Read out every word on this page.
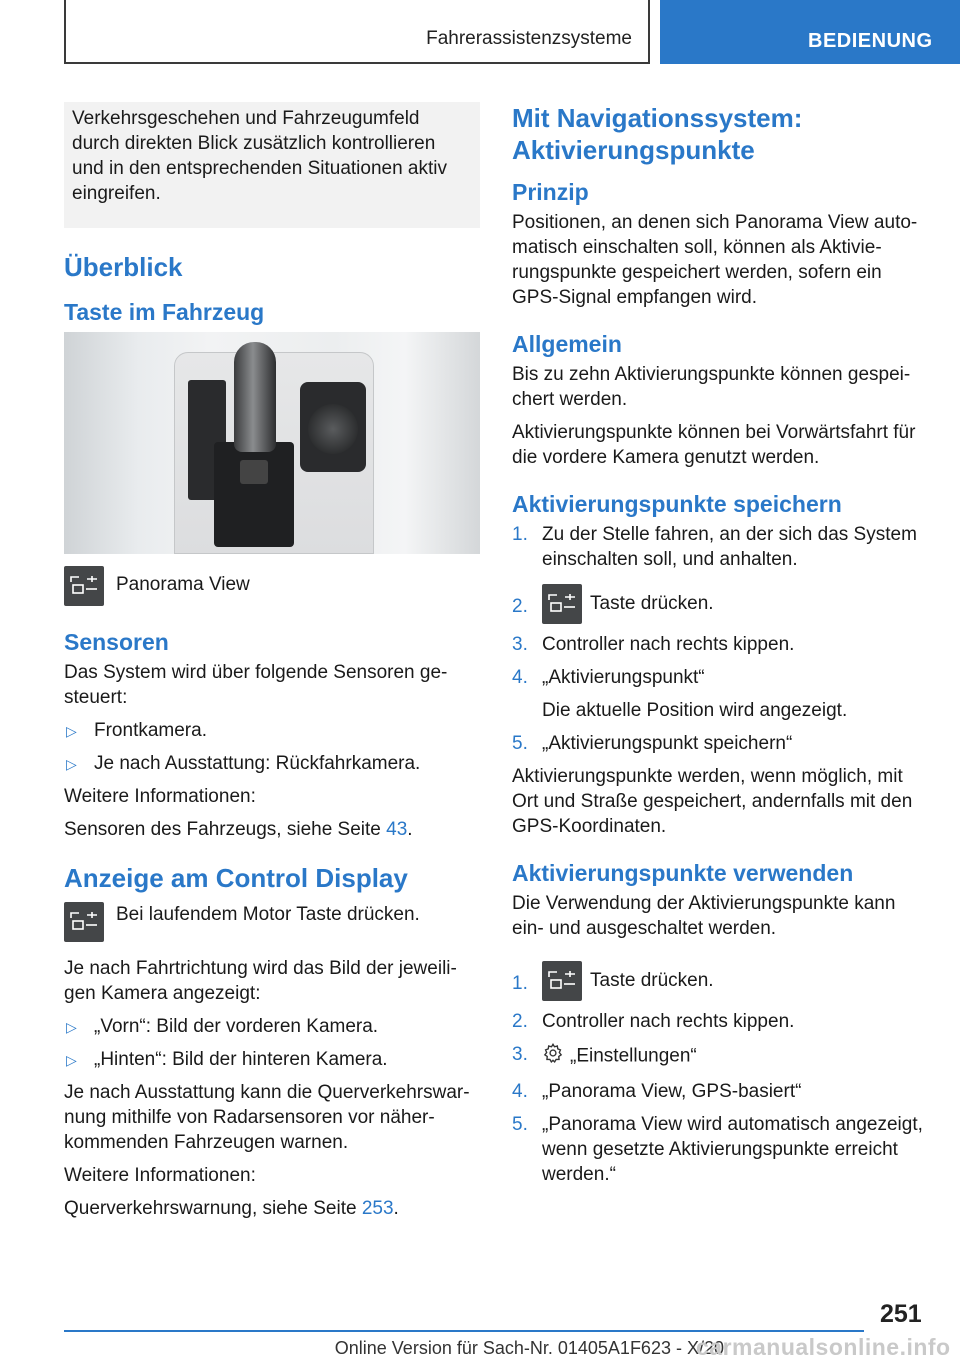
Fahrerassistenzsysteme	BEDIENUNG

Verkehrsgeschehen und Fahrzeugumfeld durch direkten Blick zusätzlich kontrollieren und in den entsprechenden Situationen aktiv eingreifen.

Überblick
Taste im Fahrzeug

Panorama View

Sensoren

Das System wird über folgende Sensoren gesteuert:

▷ Frontkamera.
▷ Je nach Ausstattung: Rückfahrkamera.

Weitere Informationen:

Sensoren des Fahrzeugs, siehe Seite 43.

Anzeige am Control Display

Bei laufendem Motor Taste drücken.

Je nach Fahrtrichtung wird das Bild der jeweiligen Kamera angezeigt:

▷ „Vorn“: Bild der vorderen Kamera.
▷ „Hinten“: Bild der hinteren Kamera.

Je nach Ausstattung kann die Querverkehrswarnung mithilfe von Radarsensoren vor näherkommenden Fahrzeugen warnen.

Weitere Informationen:

Querverkehrswarnung, siehe Seite 253.

Mit Navigationssystem: Aktivierungspunkte
Prinzip

Positionen, an denen sich Panorama View automatisch einschalten soll, können als Aktivierungspunkte gespeichert werden, sofern ein GPS-Signal empfangen wird.

Allgemein

Bis zu zehn Aktivierungspunkte können gespeichert werden.

Aktivierungspunkte können bei Vorwärtsfahrt für die vordere Kamera genutzt werden.

Aktivierungspunkte speichern
1. Zu der Stelle fahren, an der sich das System einschalten soll, und anhalten.
2.	Taste drücken.
3. Controller nach rechts kippen.
4. „Aktivierungspunkt“
Die aktuelle Position wird angezeigt.
5. „Aktivierungspunkt speichern“

Aktivierungspunkte werden, wenn möglich, mit Ort und Straße gespeichert, andernfalls mit den GPS-Koordinaten.

Aktivierungspunkte verwenden

Die Verwendung der Aktivierungspunkte kann ein- und ausgeschaltet werden.

1.	Taste drücken.
2. Controller nach rechts kippen.
3. „Einstellungen“
4. „Panorama View, GPS-basiert“
5. „Panorama View wird automatisch angezeigt, wenn gesetzte Aktivierungspunkte erreicht werden.“
251
Online Version für Sach-Nr. 01405A1F623 - X/20
carmanualsonline.info
